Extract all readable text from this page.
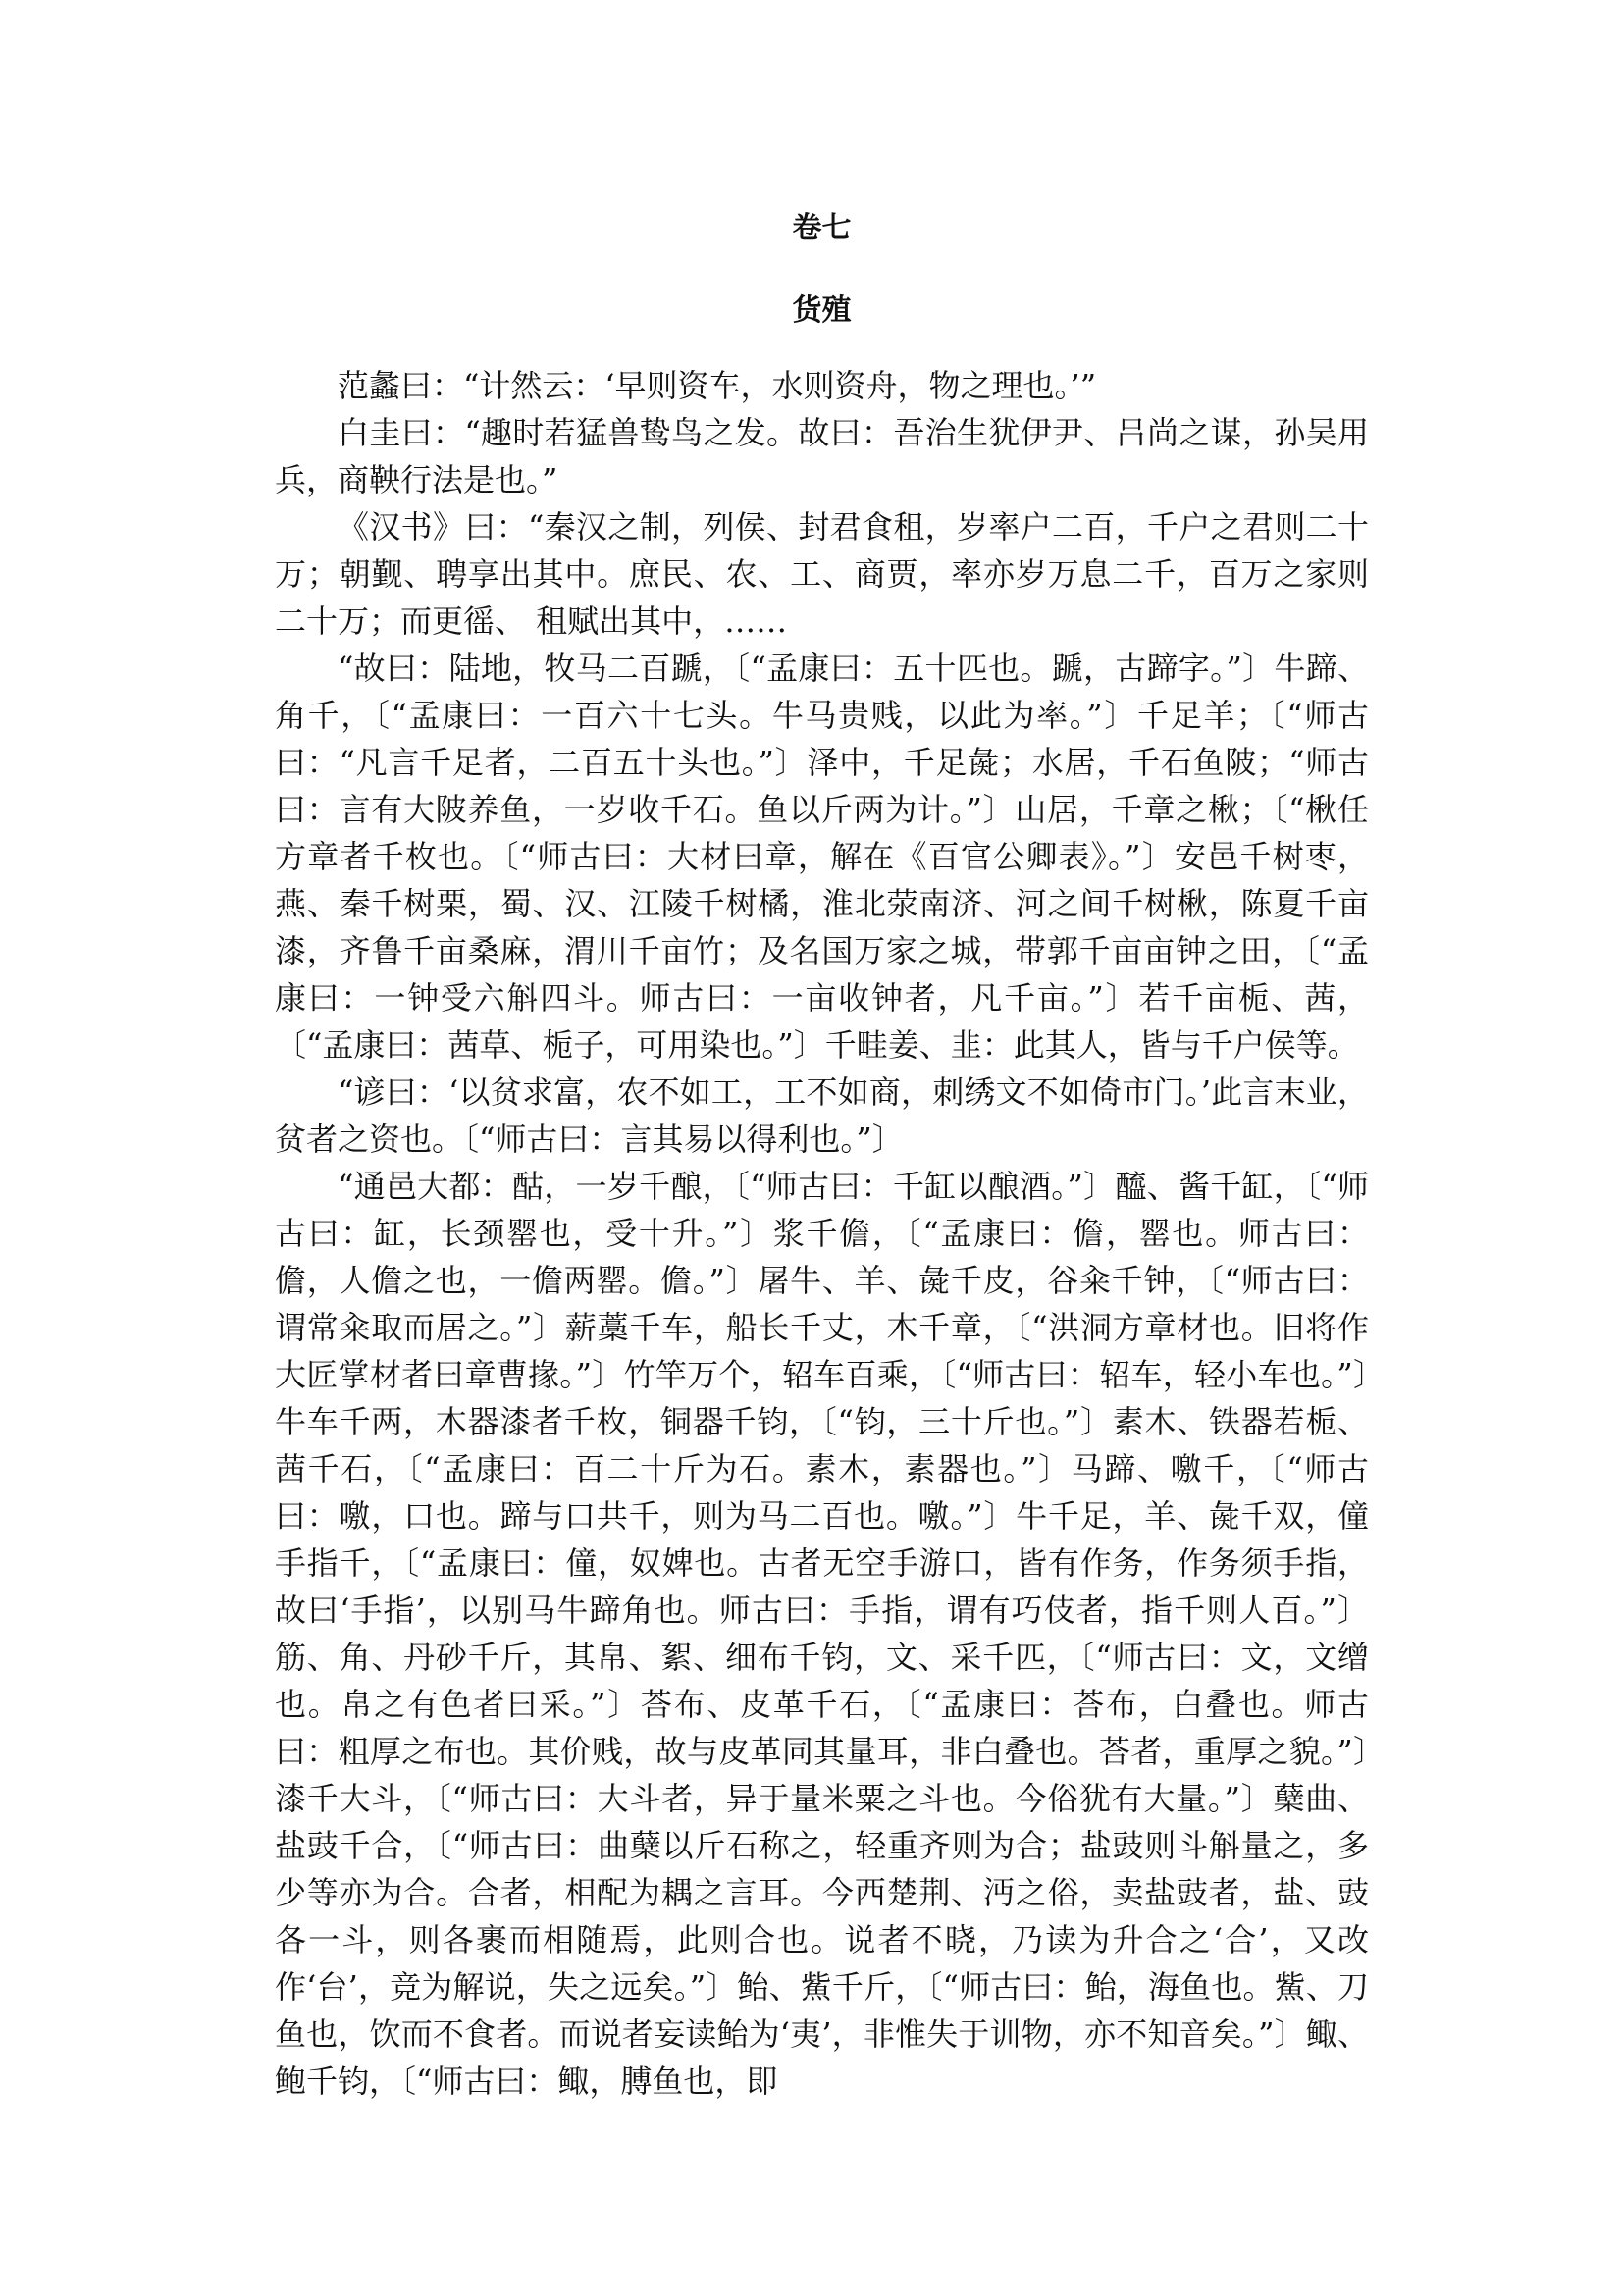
卷七
货殖

范蠡曰：“计然云：‘早则资车，水则资舟，物之理也。’”

白圭曰：“趣时若猛兽鸷鸟之发。故曰：吾治生犹伊尹、吕尚之谋，孙吴用兵，商鞅行法是也。”

《汉书》曰：“秦汉之制，列侯、封君食租，岁率户二百，千户之君则二十万；朝觐、聘享出其中。庶民、农、工、商贾，率亦岁万息二千，百万之家则二十万；而更徭、 租赋出其中，……

“故曰：陆地，牧马二百蹏，〔“孟康曰：五十匹也。蹏，古蹄字。”〕牛蹄、角千，〔“孟康曰：一百六十七头。牛马贵贱，以此为率。”〕千足羊；〔“师古曰：“凡言千足者，二百五十头也。”〕泽中，千足彘；水居，千石鱼陂；“师古曰：言有大陂养鱼，一岁收千石。鱼以斤两为计。”〕山居，千章之楸；〔“楸任方章者千枚也。〔“师古曰：大材曰章，解在《百官公卿表》。”〕安邑千树枣，燕、秦千树栗，蜀、汉、江陵千树橘，淮北荥南济、河之间千树楸，陈夏千亩漆，齐鲁千亩桑麻，渭川千亩竹；及名国万家之城，带郭千亩亩钟之田，〔“孟康曰：一钟受六斛四斗。师古曰：一亩收钟者，凡千亩。”〕若千亩栀、茜，〔“孟康曰：茜草、栀子，可用染也。”〕千畦姜、韭：此其人，皆与千户侯等。

“谚曰：‘以贫求富，农不如工，工不如商，刺绣文不如倚市门。’此言末业，贫者之资也。〔“师古曰：言其易以得利也。”〕

“通邑大都：酤，一岁千酿，〔“师古曰：千缸以酿酒。”〕醯、酱千缸，〔“师古曰：缸，长颈罂也，受十升。”〕浆千儋，〔“孟康曰：儋，罂也。师古曰：儋，人儋之也，一儋两罂。儋。”〕屠牛、羊、彘千皮，谷籴千钟，〔“师古曰：谓常籴取而居之。”〕薪藁千车，船长千丈，木千章，〔“洪洞方章材也。旧将作大匠掌材者曰章曹掾。”〕竹竿万个，轺车百乘，〔“师古曰：轺车，轻小车也。”〕牛车千两，木器漆者千枚，铜器千钧，〔“钧，三十斤也。”〕素木、铁器若栀、茜千石，〔“孟康曰：百二十斤为石。素木，素器也。”〕马蹄、噭千，〔“师古曰：噭，口也。蹄与口共千，则为马二百也。噭。”〕牛千足，羊、彘千双，僮手指千，〔“孟康曰：僮，奴婢也。古者无空手游口，皆有作务，作务须手指，故曰‘手指’，以别马牛蹄角也。师古曰：手指，谓有巧伎者，指千则人百。”〕筋、角、丹砂千斤，其帛、絮、细布千钧，文、采千匹，〔“师古曰：文，文缯也。帛之有色者曰采。”〕荅布、皮革千石，〔“孟康曰：荅布，白叠也。师古曰：粗厚之布也。其价贱，故与皮革同其量耳，非白叠也。荅者，重厚之貌。”〕漆千大斗，〔“师古曰：大斗者，异于量米粟之斗也。今俗犹有大量。”〕蘖曲、盐豉千合，〔“师古曰：曲蘖以斤石称之，轻重齐则为合；盐豉则斗斛量之，多少等亦为合。合者，相配为耦之言耳。今西楚荆、沔之俗，卖盐豉者，盐、豉各一斗，则各裹而相随焉，此则合也。说者不晓，乃读为升合之‘合’，又改作‘台’，竞为解说，失之远矣。”〕鲐、鮆千斤，〔“师古曰：鲐，海鱼也。鮆、刀鱼也，饮而不食者。而说者妄读鲐为‘夷’，非惟失于训物，亦不知音矣。”〕鲰、鲍千钧，〔“师古曰：鲰，膊鱼也，即
